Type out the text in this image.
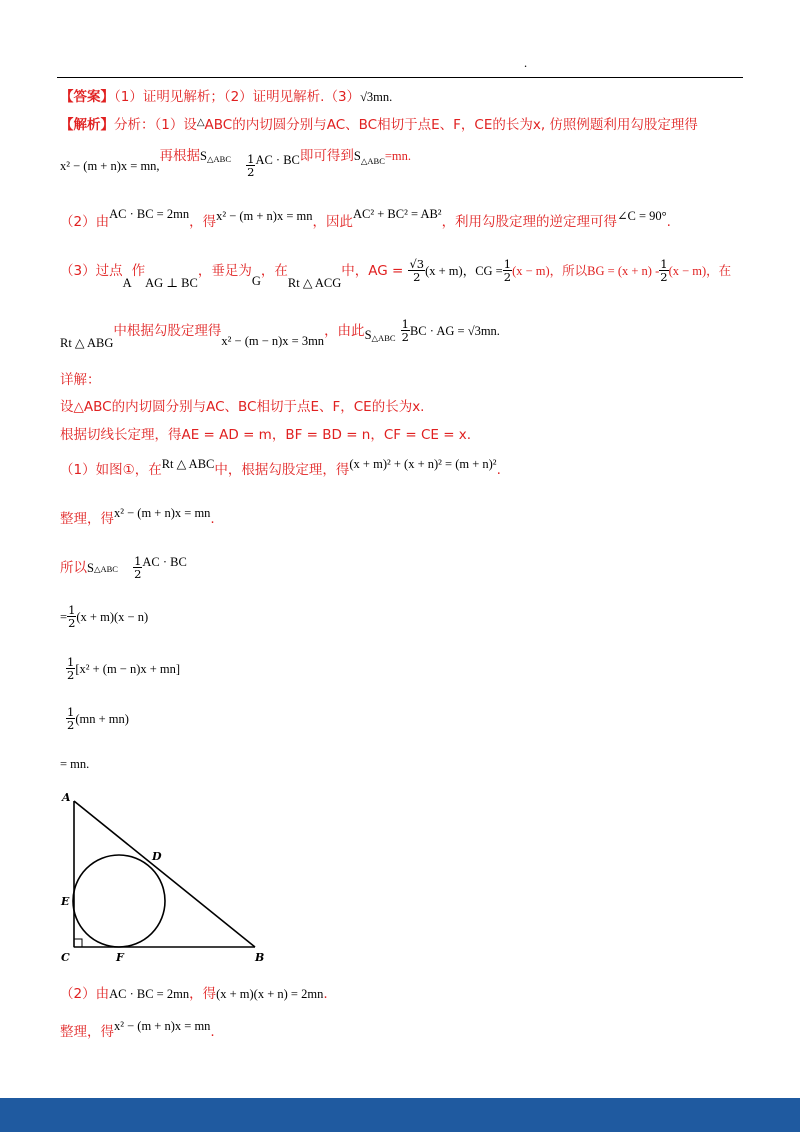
.
【答案】（1）证明见解析；（2）证明见解析.（3）√3mn.
【解析】分析：（1）设△ABC的内切圆分别与AC、BC相切于点E、F，CE的长为x, 仿照例题利用勾股定理得
$x^2 - (m + n)x = mn,^{再根据S\triangle ABC} \frac{1}{2} ^{AC \cdot BC即可得到S\triangle ABC=mn.}$
（2）由$^{AC \cdot BC = 2mn}$，得$^{x^2 - (m + n)x = mn}$，因此$^{AC^2 + BC^2 = AB^2}$，利用勾股定理的逆定理可得$^{\angle C = 90^\circ}$.
（3）过点$_A$作$_{AG \perp BC}$，垂足为$_G$，在$_{Rt \triangle ACG}$中，AG = $\frac{√3}{2} (x + m)$，CG = $\frac{1}{2} (x - m)$，所以BG = $(x + n) - \frac{1}{2} (x - m)$，在
$_{Rt \triangle ABG}$中根据勾股定理得$_{x^2 - (m - n)x = 3mn}$，由此$_{S\triangle ABC} \frac{1}{2}$ BC · AG = √3mn.
详解：
设△ABC的内切圆分别与AC、BC相切于点E、F，CE的长为x.
根据切线长定理，得AE = AD = m，BF = BD = n，CF = CE = x.
（1）如图①，在$^{Rt \triangle ABC}$中，根据勾股定理，得$^{(x + m)^2 + (x + n)^2 = (m + n)^2}$.
整理，得$^{x^2 - (m + n)x = mn}$.
所以S△ABC $\frac{1}{2} ^{AC \cdot BC}$
= $\frac{1}{2} (x + m)(x - n)$
$\frac{1}{2} [x^2 + (m - n)x + mn]$
$\frac{1}{2} (mn + mn)$
= mn.
A
D
E
C	F	B
（2）由AC · BC = 2mn，得(x + m)(x + n) = 2mn.
整理，得$^{x^2 - (m + n)x = mn}$.
